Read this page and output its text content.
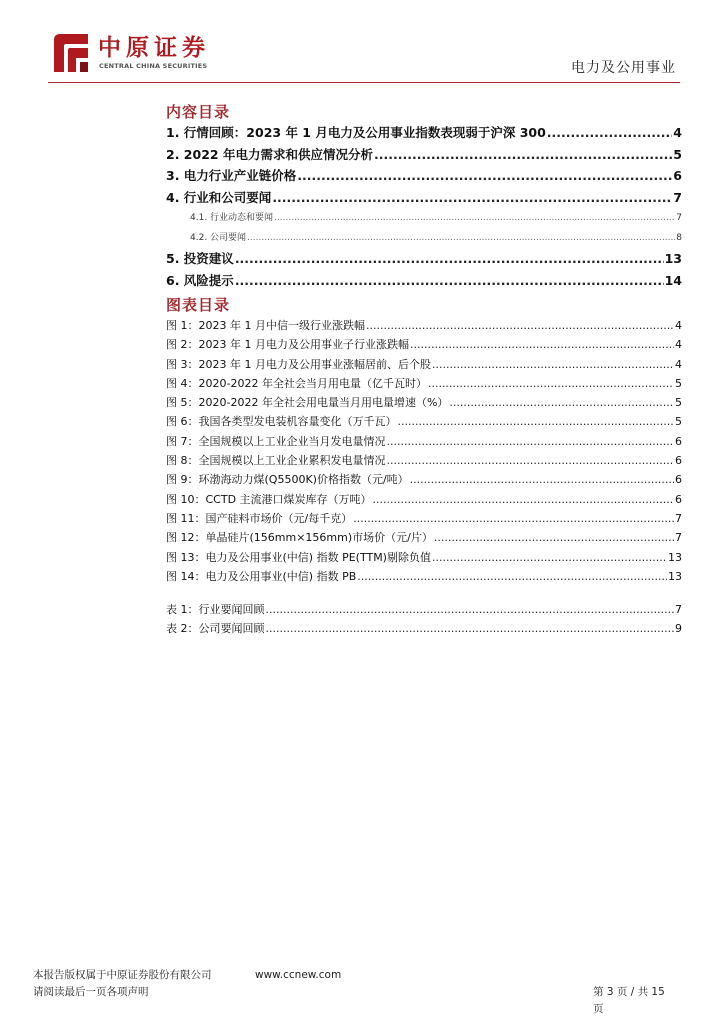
中原证券
CENTRAL CHINA SECURITIES	电力及公用事业
内容目录
1. 行情回顾：2023 年 1 月电力及公用事业指数表现弱于沪深 300 .....	4
2. 2022 年电力需求和供应情况分析 .....	5
3. 电力行业产业链价格 .....	6
4. 行业和公司要闻 .....	7
4.1. 行业动态和要闻 .....	7
4.2. 公司要闻 .....	8
5. 投资建议 .....	13
6. 风险提示 .....	14
图表目录
图 1：2023 年 1 月中信一级行业涨跌幅 .....	4
图 2：2023 年 1 月电力及公用事业子行业涨跌幅 .....	4
图 3：2023 年 1 月电力及公用事业涨幅居前、后个股 .....	4
图 4：2020-2022 年全社会当月用电量（亿千瓦时） .....	5
图 5：2020-2022 年全社会用电量当月用电量增速（%） .....	5
图 6：我国各类型发电装机容量变化（万千瓦） .....	5
图 7：全国规模以上工业企业当月发电量情况 .....	6
图 8：全国规模以上工业企业累积发电量情况 .....	6
图 9：环渤海动力煤(Q5500K)价格指数（元/吨） .....	6
图 10：CCTD 主流港口煤炭库存（万吨） .....	6
图 11：国产硅料市场价（元/每千克） .....	7
图 12：单晶硅片(156mm×156mm)市场价（元/片） .....	7
图 13：电力及公用事业(中信) 指数 PE(TTM)剔除负值 .....	13
图 14：电力及公用事业(中信) 指数 PB .....	13
表 1：行业要闻回顾 .....	7
表 2：公司要闻回顾 .....	9
本报告版权属于中原证券股份有限公司	www.ccnew.com
请阅读最后一页各项声明	第 3 页 / 共 15
页
